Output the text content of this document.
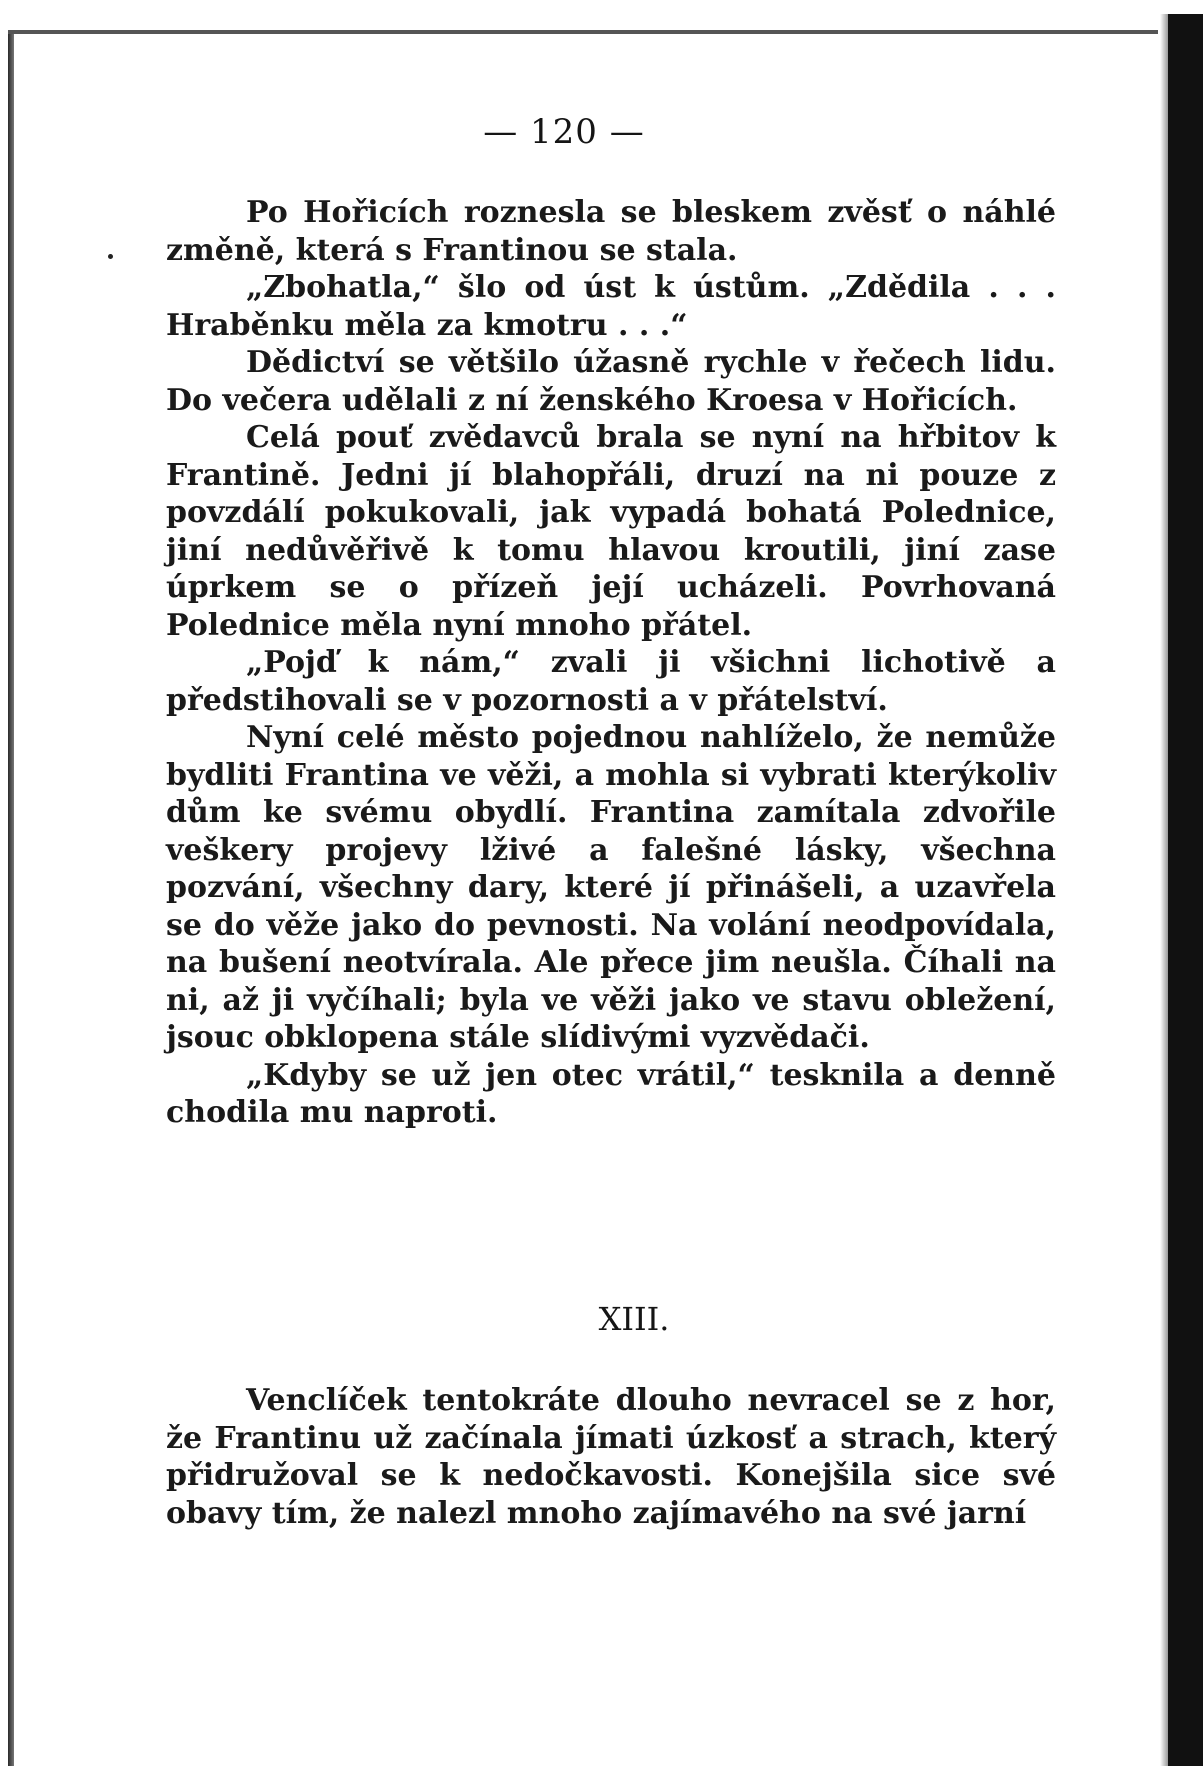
— 120 —

Po Hořicích roznesla se bleskem zvěsť o náhlé změně, která s Frantinou se stala.

„Zbohatla,“ šlo od úst k ústům. „Zdědila . . . Hraběnku měla za kmotru . . .“

Dědictví se většilo úžasně rychle v řečech lidu. Do večera udělali z ní ženského Kroesa v Hořicích.

Celá pouť zvědavců brala se nyní na hřbitov k Frantině. Jedni jí blahopřáli, druzí na ni pouze z povzdálí pokukovali, jak vypadá bohatá Polednice, jiní nedůvěřivě k tomu hlavou kroutili, jiní zase úprkem se o přízeň její ucházeli. Povrhovaná Polednice měla nyní mnoho přátel.

„Pojď k nám,“ zvali ji všichni lichotivě a předstihovali se v pozornosti a v přátelství.

Nyní celé město pojednou nahlíželo, že nemůže bydliti Frantina ve věži, a mohla si vybrati kterýkoliv dům ke svému obydlí. Frantina zamítala zdvořile veškery projevy lživé a falešné lásky, všechna pozvání, všechny dary, které jí přinášeli, a uzavřela se do věže jako do pevnosti. Na volání neodpovídala, na bušení neotvírala. Ale přece jim neušla. Číhali na ni, až ji vyčíhali; byla ve věži jako ve stavu obležení, jsouc obklopena stále slídivými vyzvědači.

„Kdyby se už jen otec vrátil,“ tesknila a denně chodila mu naproti.

XIII.

Venclíček tentokráte dlouho nevracel se z hor, že Frantinu už začínala jímati úzkosť a strach, který přidružoval se k nedočkavosti. Konejšila sice své obavy tím, že nalezl mnoho zajímavého na své jarní
